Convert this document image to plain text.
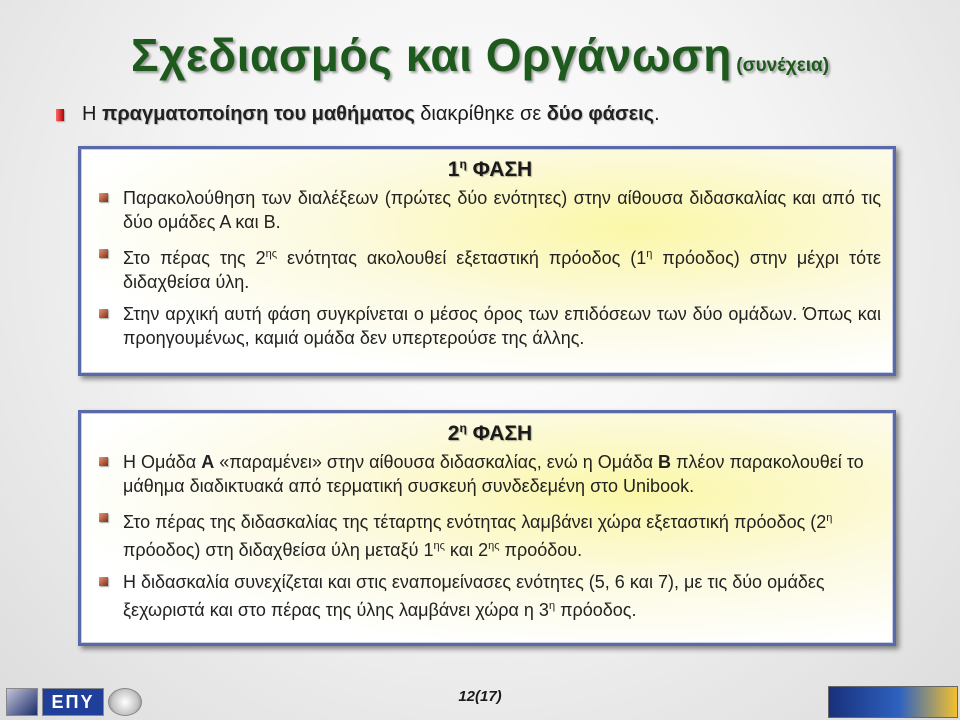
Σχεδιασμός και Οργάνωση (συνέχεια)
Η πραγματοποίηση του μαθήματος διακρίθηκε σε δύο φάσεις.
$1^\eta$ ΦΑΣΗ
Παρακολούθηση των διαλέξεων (πρώτες δύο ενότητες) στην αίθουσα διδασκαλίας και από τις δύο ομάδες Α και Β.
Στο πέρας της $2^{\eta\varsigma}$ ενότητας ακολουθεί εξεταστική πρόοδος ($1^\eta$ πρόοδος) στην μέχρι τότε διδαχθείσα ύλη.
Στην αρχική αυτή φάση συγκρίνεται ο μέσος όρος των επιδόσεων των δύο ομάδων. Όπως και προηγουμένως, καμιά ομάδα δεν υπερτερούσε της άλλης.
$2^\eta$ ΦΑΣΗ
Η Ομάδα Α «παραμένει» στην αίθουσα διδασκαλίας, ενώ η Ομάδα Β πλέον παρακολουθεί το μάθημα διαδικτυακά από τερματική συσκευή συνδεδεμένη στο Unibook.
Στο πέρας της διδασκαλίας της τέταρτης ενότητας λαμβάνει χώρα εξεταστική πρόοδος ($2^\eta$ πρόοδος) στη διδαχθείσα ύλη μεταξύ $1^{\eta\varsigma}$ και $2^{\eta\varsigma}$ προόδου.
Η διδασκαλία συνεχίζεται και στις εναπομείνασες ενότητες (5, 6 και 7), με τις δύο ομάδες ξεχωριστά και στο πέρας της ύλης λαμβάνει χώρα η $3^\eta$ πρόοδος.
ΕΠΥ	12(17)
